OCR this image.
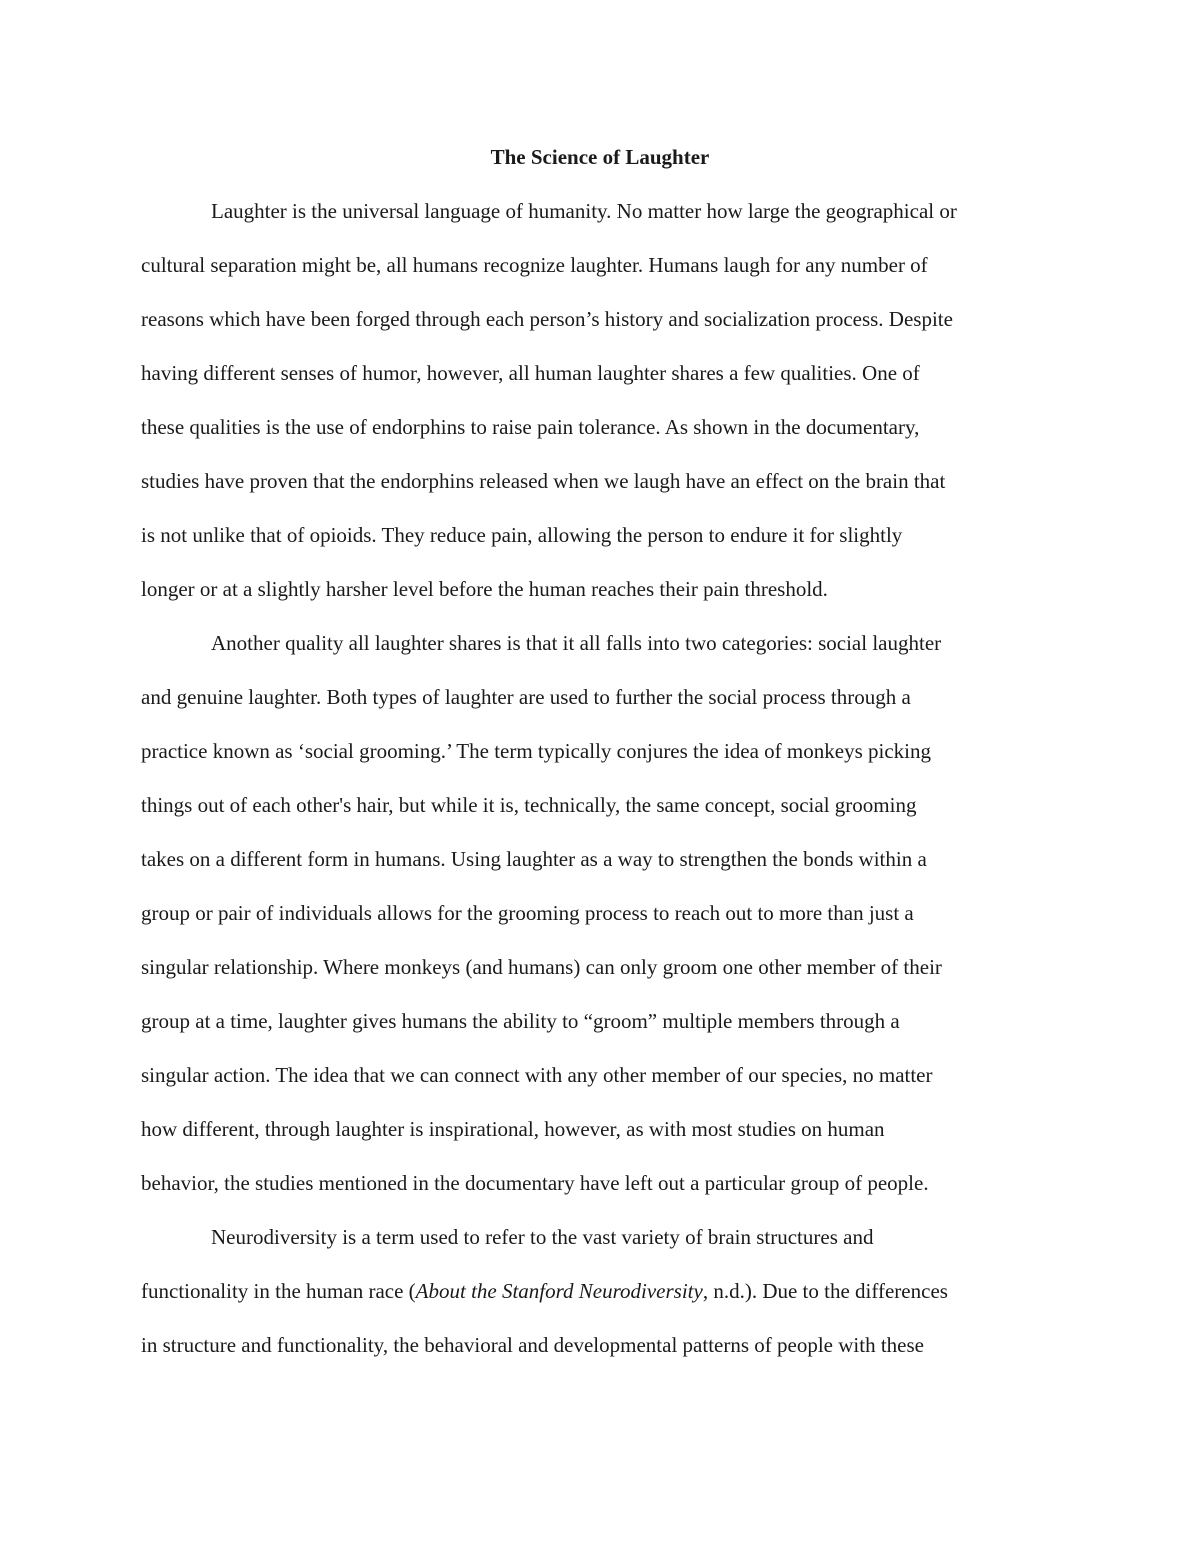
The Science of Laughter
Laughter is the universal language of humanity. No matter how large the geographical or
cultural separation might be, all humans recognize laughter. Humans laugh for any number of
reasons which have been forged through each person’s history and socialization process. Despite
having different senses of humor, however, all human laughter shares a few qualities. One of
these qualities is the use of endorphins to raise pain tolerance. As shown in the documentary,
studies have proven that the endorphins released when we laugh have an effect on the brain that
is not unlike that of opioids. They reduce pain, allowing the person to endure it for slightly
longer or at a slightly harsher level before the human reaches their pain threshold.
Another quality all laughter shares is that it all falls into two categories: social laughter
and genuine laughter. Both types of laughter are used to further the social process through a
practice known as ‘social grooming.’ The term typically conjures the idea of monkeys picking
things out of each other's hair, but while it is, technically, the same concept, social grooming
takes on a different form in humans. Using laughter as a way to strengthen the bonds within a
group or pair of individuals allows for the grooming process to reach out to more than just a
singular relationship. Where monkeys (and humans) can only groom one other member of their
group at a time, laughter gives humans the ability to “groom” multiple members through a
singular action. The idea that we can connect with any other member of our species, no matter
how different, through laughter is inspirational, however, as with most studies on human
behavior, the studies mentioned in the documentary have left out a particular group of people.
Neurodiversity is a term used to refer to the vast variety of brain structures and
functionality in the human race (About the Stanford Neurodiversity, n.d.). Due to the differences
in structure and functionality, the behavioral and developmental patterns of people with these
